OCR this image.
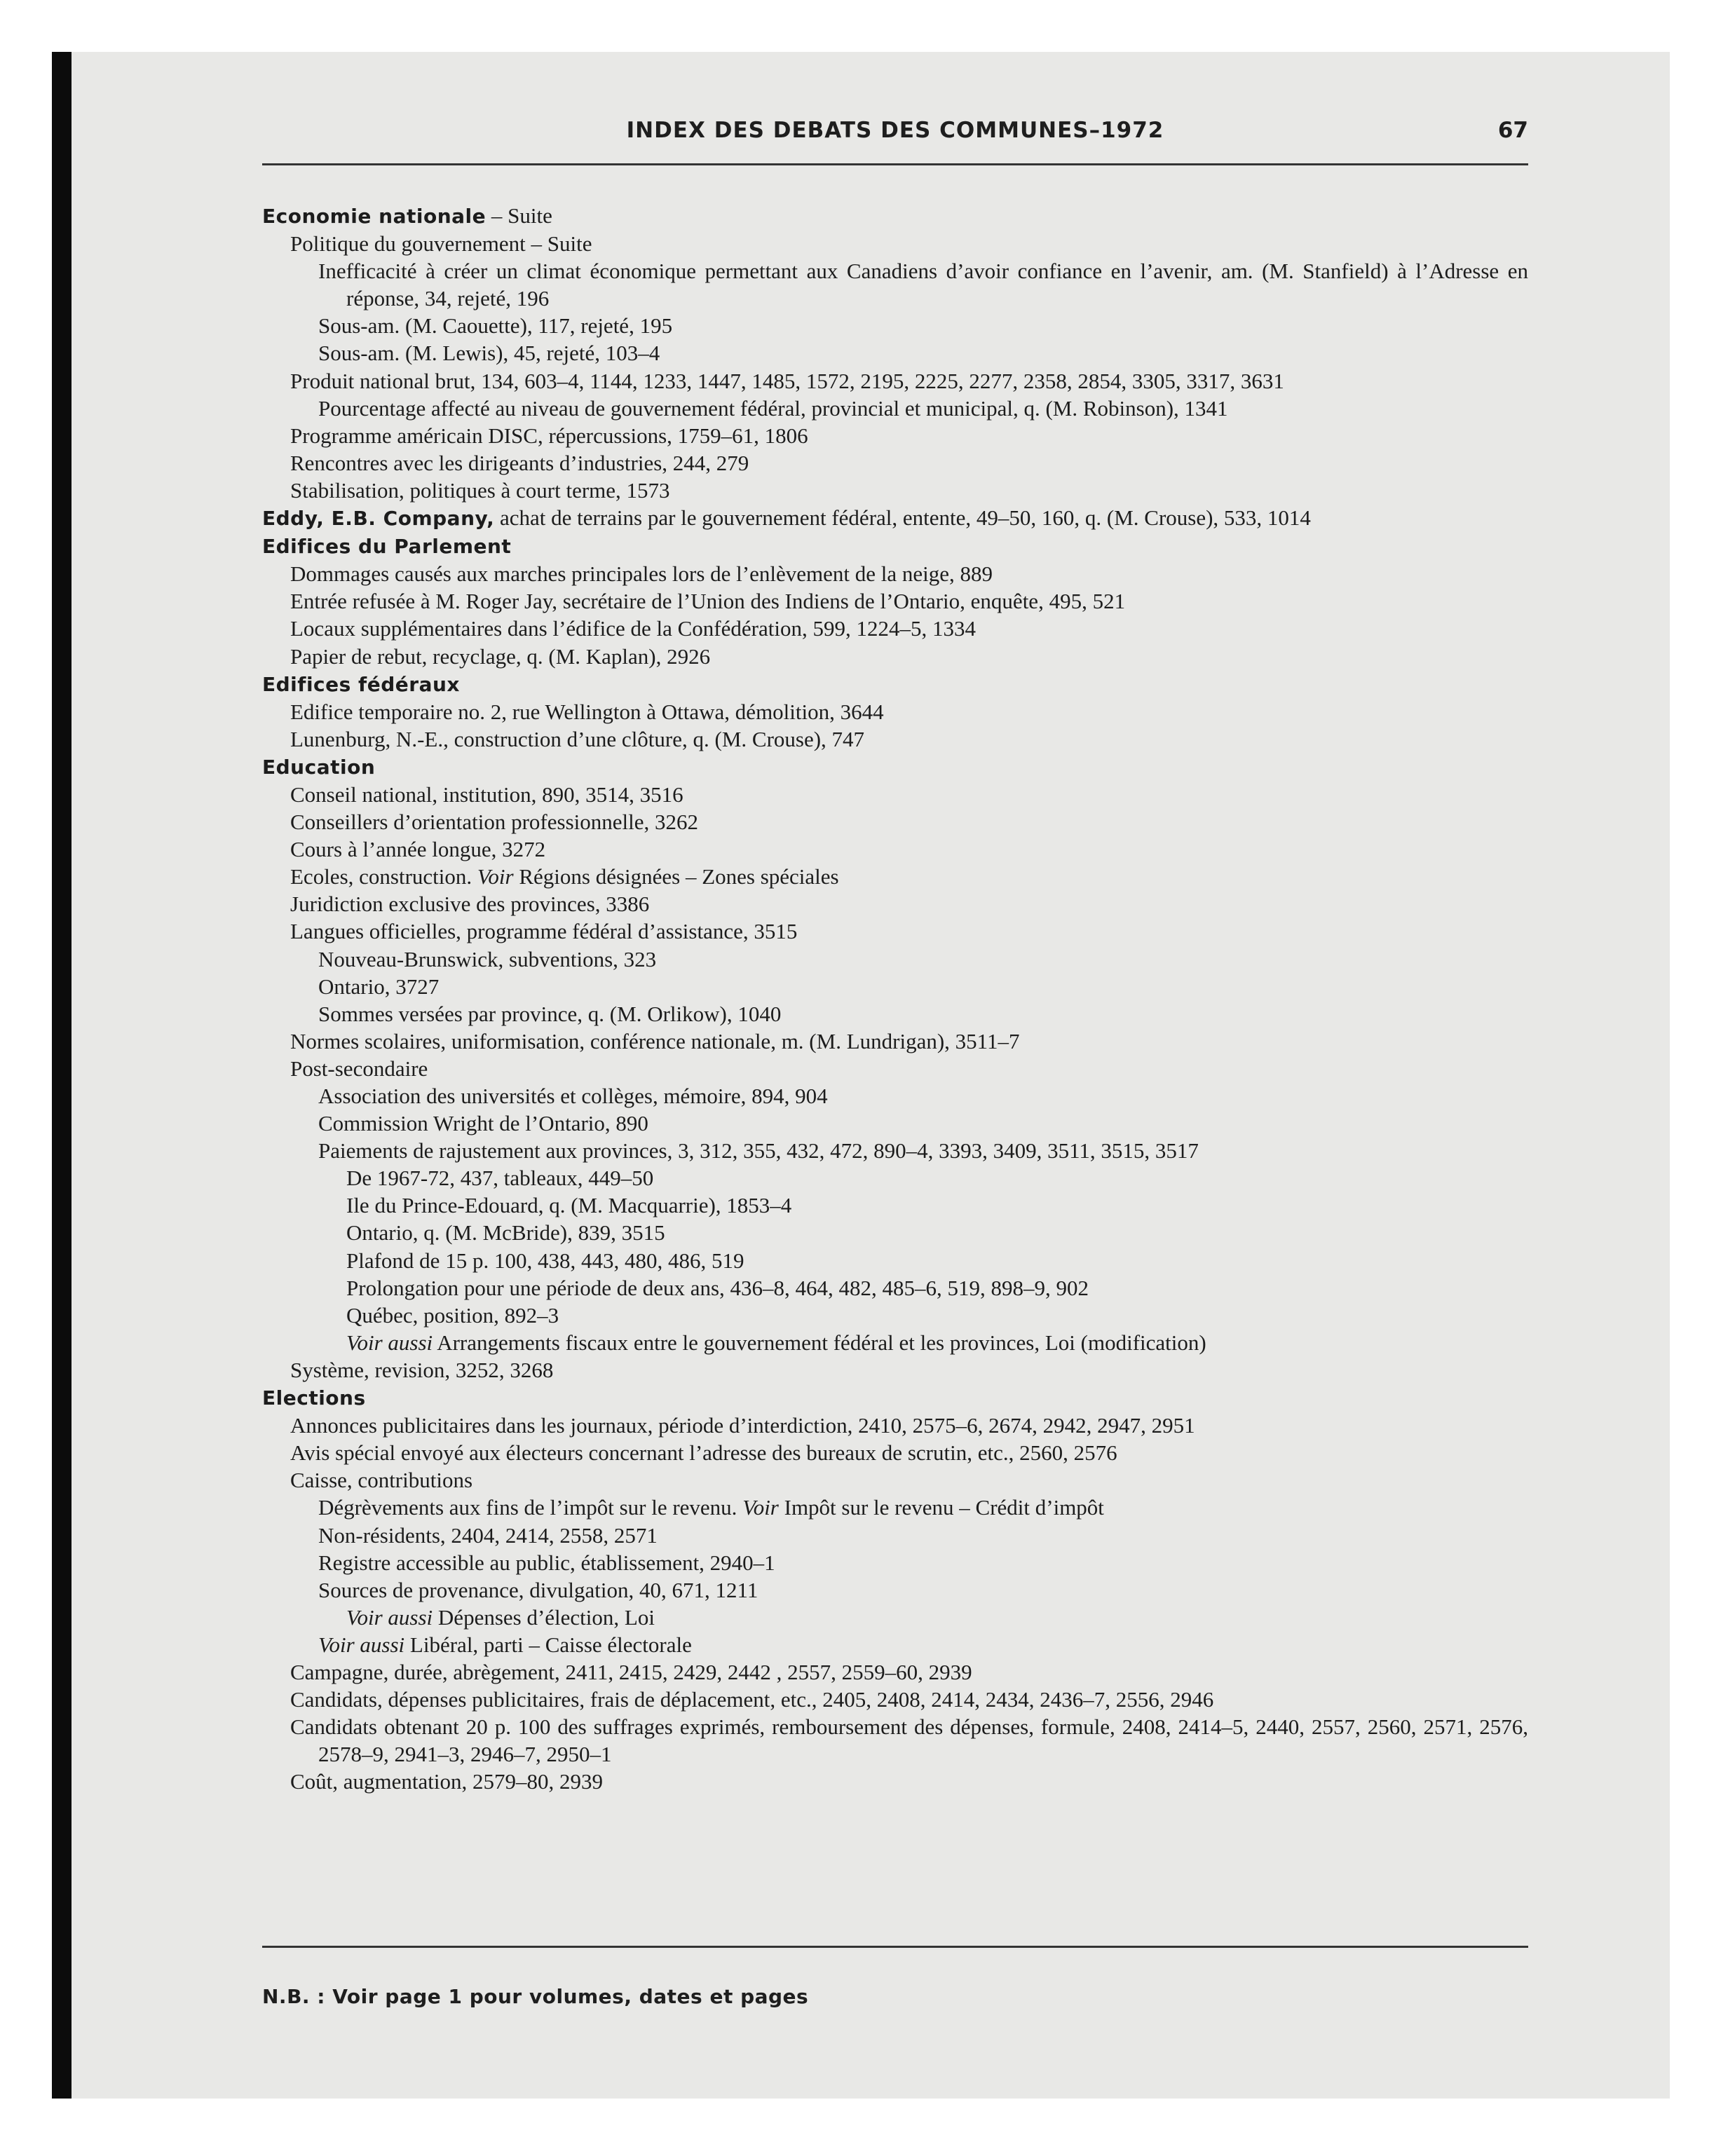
INDEX DES DEBATS DES COMMUNES–1972	67

Economie nationale – Suite

Politique du gouvernement – Suite

Inefficacité à créer un climat économique permettant aux Canadiens d’avoir confiance en l’avenir, am. (M. Stanfield) à l’Adresse en réponse, 34, rejeté, 196

Sous-am. (M. Caouette), 117, rejeté, 195

Sous-am. (M. Lewis), 45, rejeté, 103–4

Produit national brut, 134, 603–4, 1144, 1233, 1447, 1485, 1572, 2195, 2225, 2277, 2358, 2854, 3305, 3317, 3631

Pourcentage affecté au niveau de gouvernement fédéral, provincial et municipal, q. (M. Robinson), 1341

Programme américain DISC, répercussions, 1759–61, 1806

Rencontres avec les dirigeants d’industries, 244, 279

Stabilisation, politiques à court terme, 1573

Eddy, E.B. Company, achat de terrains par le gouvernement fédéral, entente, 49–50, 160, q. (M. Crouse), 533, 1014

Edifices du Parlement

Dommages causés aux marches principales lors de l’enlèvement de la neige, 889

Entrée refusée à M. Roger Jay, secrétaire de l’Union des Indiens de l’Ontario, enquête, 495, 521

Locaux supplémentaires dans l’édifice de la Confédération, 599, 1224–5, 1334

Papier de rebut, recyclage, q. (M. Kaplan), 2926

Edifices fédéraux

Edifice temporaire no. 2, rue Wellington à Ottawa, démolition, 3644

Lunenburg, N.-E., construction d’une clôture, q. (M. Crouse), 747

Education

Conseil national, institution, 890, 3514, 3516

Conseillers d’orientation professionnelle, 3262

Cours à l’année longue, 3272

Ecoles, construction. Voir Régions désignées – Zones spéciales

Juridiction exclusive des provinces, 3386

Langues officielles, programme fédéral d’assistance, 3515

Nouveau-Brunswick, subventions, 323

Ontario, 3727

Sommes versées par province, q. (M. Orlikow), 1040

Normes scolaires, uniformisation, conférence nationale, m. (M. Lundrigan), 3511–7

Post-secondaire

Association des universités et collèges, mémoire, 894, 904

Commission Wright de l’Ontario, 890

Paiements de rajustement aux provinces, 3, 312, 355, 432, 472, 890–4, 3393, 3409, 3511, 3515, 3517

De 1967-72, 437, tableaux, 449–50

Ile du Prince-Edouard, q. (M. Macquarrie), 1853–4

Ontario, q. (M. McBride), 839, 3515

Plafond de 15 p. 100, 438, 443, 480, 486, 519

Prolongation pour une période de deux ans, 436–8, 464, 482, 485–6, 519, 898–9, 902

Québec, position, 892–3

Voir aussi Arrangements fiscaux entre le gouvernement fédéral et les provinces, Loi (modification)

Système, revision, 3252, 3268

Elections

Annonces publicitaires dans les journaux, période d’interdiction, 2410, 2575–6, 2674, 2942, 2947, 2951

Avis spécial envoyé aux électeurs concernant l’adresse des bureaux de scrutin, etc., 2560, 2576

Caisse, contributions

Dégrèvements aux fins de l’impôt sur le revenu. Voir Impôt sur le revenu – Crédit d’impôt

Non-résidents, 2404, 2414, 2558, 2571

Registre accessible au public, établissement, 2940–1

Sources de provenance, divulgation, 40, 671, 1211

Voir aussi Dépenses d’élection, Loi

Voir aussi Libéral, parti – Caisse électorale

Campagne, durée, abrègement, 2411, 2415, 2429, 2442 , 2557, 2559–60, 2939

Candidats, dépenses publicitaires, frais de déplacement, etc., 2405, 2408, 2414, 2434, 2436–7, 2556, 2946

Candidats obtenant 20 p. 100 des suffrages exprimés, remboursement des dépenses, formule, 2408, 2414–5, 2440, 2557, 2560, 2571, 2576, 2578–9, 2941–3, 2946–7, 2950–1

Coût, augmentation, 2579–80, 2939

N.B. : Voir page 1 pour volumes, dates et pages
